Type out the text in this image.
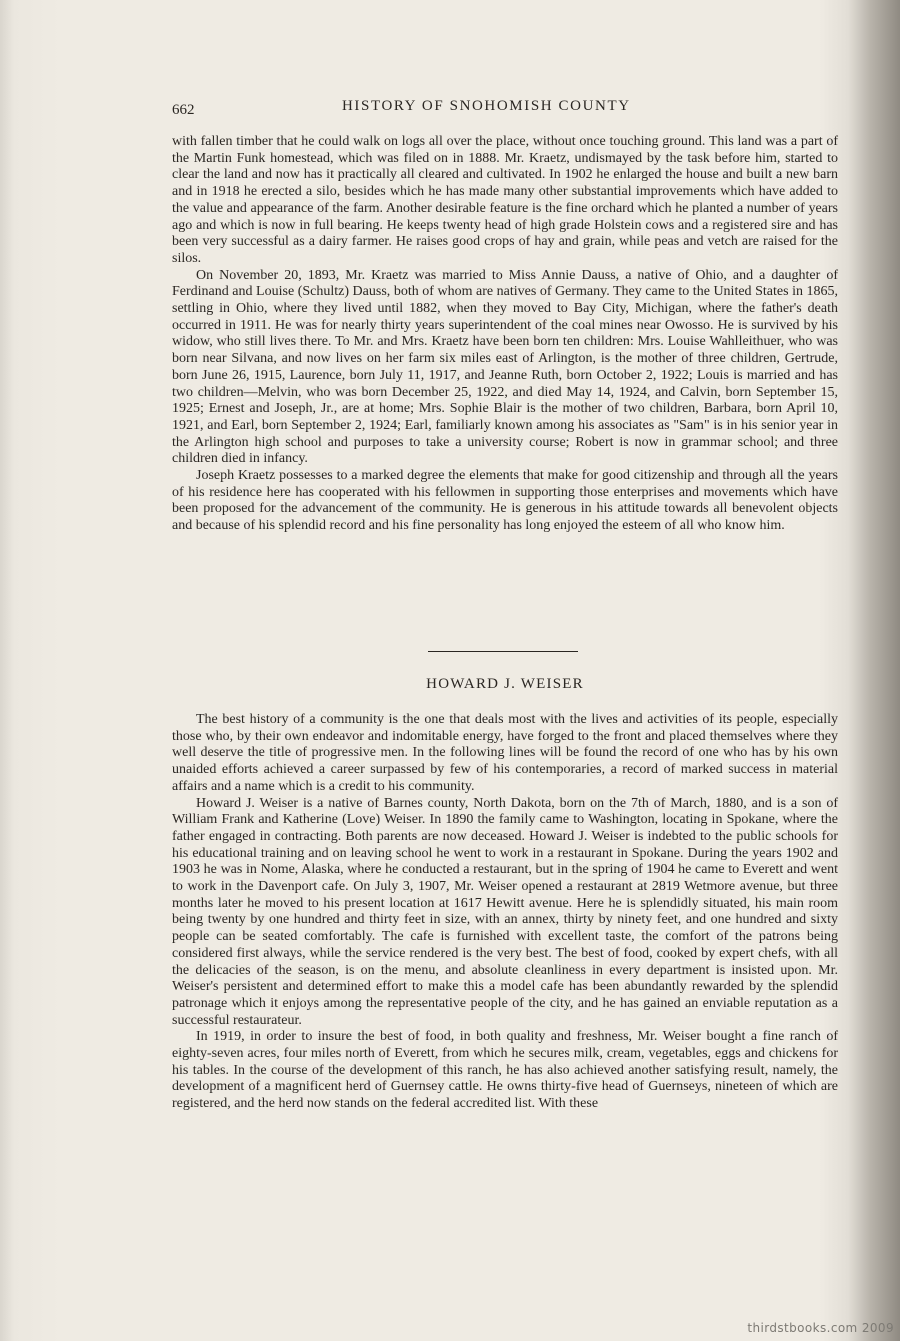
662	HISTORY OF SNOHOMISH COUNTY

with fallen timber that he could walk on logs all over the place, without once touching ground. This land was a part of the Martin Funk homestead, which was filed on in 1888. Mr. Kraetz, undismayed by the task before him, started to clear the land and now has it practically all cleared and cultivated. In 1902 he enlarged the house and built a new barn and in 1918 he erected a silo, besides which he has made many other substantial improvements which have added to the value and appearance of the farm. Another desirable feature is the fine orchard which he planted a number of years ago and which is now in full bearing. He keeps twenty head of high grade Holstein cows and a registered sire and has been very successful as a dairy farmer. He raises good crops of hay and grain, while peas and vetch are raised for the silos.

On November 20, 1893, Mr. Kraetz was married to Miss Annie Dauss, a native of Ohio, and a daughter of Ferdinand and Louise (Schultz) Dauss, both of whom are natives of Germany. They came to the United States in 1865, settling in Ohio, where they lived until 1882, when they moved to Bay City, Michigan, where the father's death occurred in 1911. He was for nearly thirty years superintendent of the coal mines near Owosso. He is survived by his widow, who still lives there. To Mr. and Mrs. Kraetz have been born ten children: Mrs. Louise Wahlleithuer, who was born near Silvana, and now lives on her farm six miles east of Arlington, is the mother of three children, Gertrude, born June 26, 1915, Laurence, born July 11, 1917, and Jeanne Ruth, born October 2, 1922; Louis is married and has two children—Melvin, who was born December 25, 1922, and died May 14, 1924, and Calvin, born September 15, 1925; Ernest and Joseph, Jr., are at home; Mrs. Sophie Blair is the mother of two children, Barbara, born April 10, 1921, and Earl, born September 2, 1924; Earl, familiarly known among his associates as "Sam" is in his senior year in the Arlington high school and purposes to take a university course; Robert is now in grammar school; and three children died in infancy.

Joseph Kraetz possesses to a marked degree the elements that make for good citizenship and through all the years of his residence here has cooperated with his fellowmen in supporting those enterprises and movements which have been proposed for the advancement of the community. He is generous in his attitude towards all benevolent objects and because of his splendid record and his fine personality has long enjoyed the esteem of all who know him.

HOWARD J. WEISER

The best history of a community is the one that deals most with the lives and activities of its people, especially those who, by their own endeavor and indomitable energy, have forged to the front and placed themselves where they well deserve the title of progressive men. In the following lines will be found the record of one who has by his own unaided efforts achieved a career surpassed by few of his contemporaries, a record of marked success in material affairs and a name which is a credit to his community.

Howard J. Weiser is a native of Barnes county, North Dakota, born on the 7th of March, 1880, and is a son of William Frank and Katherine (Love) Weiser. In 1890 the family came to Washington, locating in Spokane, where the father engaged in contracting. Both parents are now deceased. Howard J. Weiser is indebted to the public schools for his educational training and on leaving school he went to work in a restaurant in Spokane. During the years 1902 and 1903 he was in Nome, Alaska, where he conducted a restaurant, but in the spring of 1904 he came to Everett and went to work in the Davenport cafe. On July 3, 1907, Mr. Weiser opened a restaurant at 2819 Wetmore avenue, but three months later he moved to his present location at 1617 Hewitt avenue. Here he is splendidly situated, his main room being twenty by one hundred and thirty feet in size, with an annex, thirty by ninety feet, and one hundred and sixty people can be seated comfortably. The cafe is furnished with excellent taste, the comfort of the patrons being considered first always, while the service rendered is the very best. The best of food, cooked by expert chefs, with all the delicacies of the season, is on the menu, and absolute cleanliness in every department is insisted upon. Mr. Weiser's persistent and determined effort to make this a model cafe has been abundantly rewarded by the splendid patronage which it enjoys among the representative people of the city, and he has gained an enviable reputation as a successful restaurateur.

In 1919, in order to insure the best of food, in both quality and freshness, Mr. Weiser bought a fine ranch of eighty-seven acres, four miles north of Everett, from which he secures milk, cream, vegetables, eggs and chickens for his tables. In the course of the development of this ranch, he has also achieved another satisfying result, namely, the development of a magnificent herd of Guernsey cattle. He owns thirty-five head of Guernseys, nineteen of which are registered, and the herd now stands on the federal accredited list. With these

thirdstbooks.com 2009
